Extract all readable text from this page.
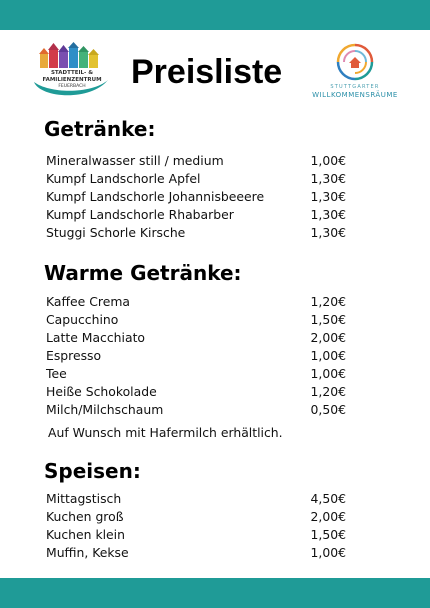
STADTTEIL- &
FAMILIENZENTRUM
FEUERBACH	Preisliste	STUTTGARTER
WILLKOMMENSRÄUME
Getränke:
Mineralwasser still / medium	1,00€
Kumpf Landschorle Apfel	1,30€
Kumpf Landschorle Johannisbeeere	1,30€
Kumpf Landschorle Rhabarber	1,30€
Stuggi Schorle Kirsche	1,30€
Warme Getränke:
Kaffee Crema	1,20€
Capucchino	1,50€
Latte Macchiato	2,00€
Espresso	1,00€
Tee	1,00€
Heiße Schokolade	1,20€
Milch/Milchschaum	0,50€

Auf Wunsch mit Hafermilch erhältlich.

Speisen:
Mittagstisch	4,50€
Kuchen groß	2,00€
Kuchen klein	1,50€
Muffin, Kekse	1,00€
